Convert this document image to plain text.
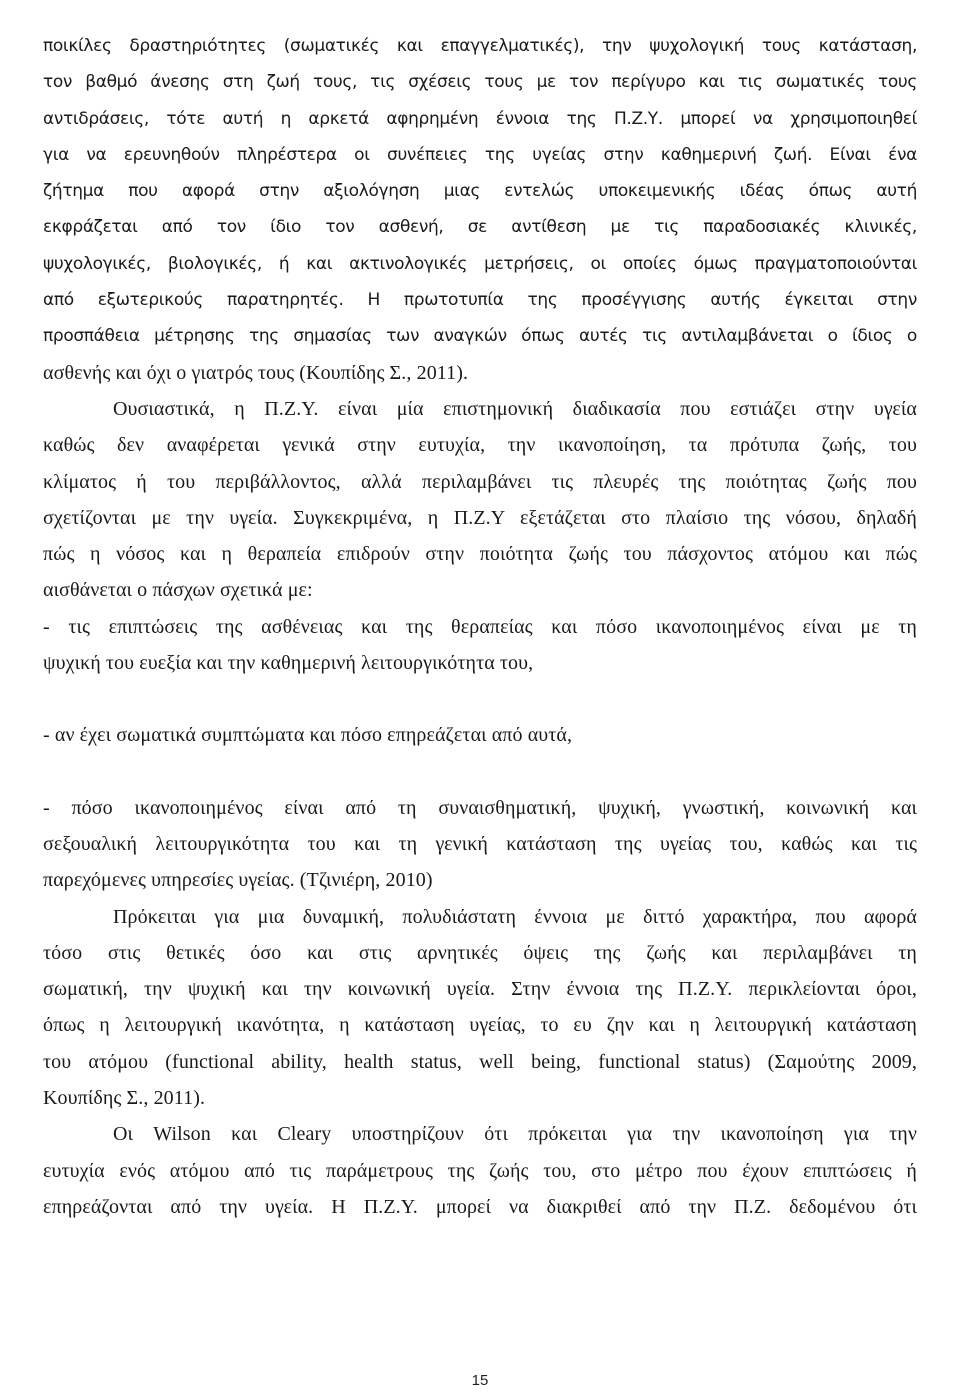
ποικίλες δραστηριότητες (σωματικές και επαγγελματικές), την ψυχολογική τους κατάσταση,
τον βαθμό άνεσης στη ζωή τους, τις σχέσεις τους με τον περίγυρο και τις σωματικές τους
αντιδράσεις, τότε αυτή η αρκετά αφηρημένη έννοια της Π.Ζ.Υ. μπορεί να χρησιμοποιηθεί
για να ερευνηθούν πληρέστερα οι συνέπειες της υγείας στην καθημερινή ζωή. Είναι ένα
ζήτημα που αφορά στην αξιολόγηση μιας εντελώς υποκειμενικής ιδέας όπως αυτή
εκφράζεται από τον ίδιο τον ασθενή, σε αντίθεση με τις παραδοσιακές κλινικές,
ψυχολογικές, βιολογικές, ή και ακτινολογικές μετρήσεις, οι οποίες όμως πραγματοποιούνται
από εξωτερικούς παρατηρητές. Η πρωτοτυπία της προσέγγισης αυτής έγκειται στην
προσπάθεια μέτρησης της σημασίας των αναγκών όπως αυτές τις αντιλαμβάνεται ο ίδιος ο
ασθενής και όχι ο γιατρός τους (Κουπίδης Σ., 2011).
Ουσιαστικά, η Π.Ζ.Υ. είναι μία επιστημονική διαδικασία που εστιάζει στην υγεία
καθώς δεν αναφέρεται γενικά στην ευτυχία, την ικανοποίηση, τα πρότυπα ζωής, του
κλίματος ή του περιβάλλοντος, αλλά περιλαμβάνει τις πλευρές της ποιότητας ζωής που
σχετίζονται με την υγεία. Συγκεκριμένα, η Π.Ζ.Υ εξετάζεται στο πλαίσιο της νόσου, δηλαδή
πώς η νόσος και η θεραπεία επιδρούν στην ποιότητα ζωής του πάσχοντος ατόμου και πώς
αισθάνεται ο πάσχων σχετικά με:
- τις επιπτώσεις της ασθένειας και της θεραπείας και πόσο ικανοποιημένος είναι με τη
ψυχική του ευεξία και την καθημερινή λειτουργικότητα του,
- αν έχει σωματικά συμπτώματα και πόσο επηρεάζεται από αυτά,
- πόσο ικανοποιημένος είναι από τη συναισθηματική, ψυχική, γνωστική, κοινωνική και
σεξουαλική λειτουργικότητα του και τη γενική κατάσταση της υγείας του, καθώς και τις
παρεχόμενες υπηρεσίες υγείας. (Τζινιέρη, 2010)
Πρόκειται για μια δυναμική, πολυδιάστατη έννοια με διττό χαρακτήρα, που αφορά
τόσο στις θετικές όσο και στις αρνητικές όψεις της ζωής και περιλαμβάνει τη
σωματική, την ψυχική και την κοινωνική υγεία. Στην έννοια της Π.Ζ.Υ. περικλείονται όροι,
όπως η λειτουργική ικανότητα, η κατάσταση υγείας, το ευ ζην και η λειτουργική κατάσταση
του ατόμου (functional ability, health status, well being, functional status) (Σαμούτης 2009,
Κουπίδης Σ., 2011).
Οι Wilson και Cleary υποστηρίζουν ότι πρόκειται για την ικανοποίηση για την
ευτυχία ενός ατόμου από τις παράμετρους της ζωής του, στο μέτρο που έχουν επιπτώσεις ή
επηρεάζονται από την υγεία. Η Π.Ζ.Υ. μπορεί να διακριθεί από την Π.Ζ. δεδομένου ότι
15
